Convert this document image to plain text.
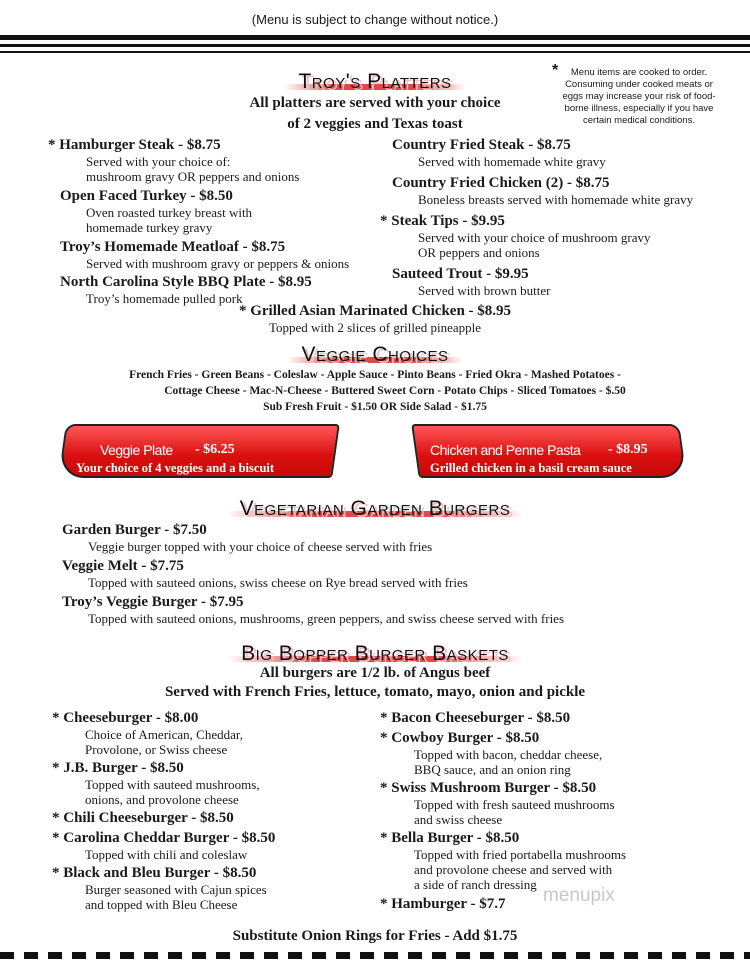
(Menu is subject to change without notice.)
Troy's Platters
All platters are served with your choice
of 2 veggies and Texas toast
* Menu items are cooked to order. Consuming under cooked meats or eggs may increase your risk of food-borne illness, especially if you have certain medical conditions.
* Hamburger Steak - $8.75
Served with your choice of:
mushroom gravy OR peppers and onions
Open Faced Turkey - $8.50
Oven roasted turkey breast with
homemade turkey gravy
Troy’s Homemade Meatloaf - $8.75
Served with mushroom gravy or peppers & onions
North Carolina Style BBQ Plate - $8.95
Troy’s homemade pulled pork
Country Fried Steak - $8.75
Served with homemade white gravy
Country Fried Chicken (2) - $8.75
Boneless breasts served with homemade white gravy
* Steak Tips - $9.95
Served with your choice of mushroom gravy
OR peppers and onions
Sauteed Trout - $9.95
Served with brown butter
* Grilled Asian Marinated Chicken - $8.95
Topped with 2 slices of grilled pineapple
Veggie Choices
French Fries - Green Beans - Coleslaw - Apple Sauce - Pinto Beans - Fried Okra - Mashed Potatoes -
Cottage Cheese - Mac-N-Cheese - Buttered Sweet Corn - Potato Chips - Sliced Tomatoes - $.50
Sub Fresh Fruit - $1.50 OR Side Salad - $1.75
Veggie Plate - $6.25
Your choice of 4 veggies and a biscuit
Chicken and Penne Pasta - $8.95
Grilled chicken in a basil cream sauce
Vegetarian Garden Burgers
Garden Burger - $7.50
Veggie burger topped with your choice of cheese served with fries
Veggie Melt - $7.75
Topped with sauteed onions, swiss cheese on Rye bread served with fries
Troy’s Veggie Burger - $7.95
Topped with sauteed onions, mushrooms, green peppers, and swiss cheese served with fries
Big Bopper Burger Baskets
All burgers are 1/2 lb. of Angus beef
Served with French Fries, lettuce, tomato, mayo, onion and pickle
* Cheeseburger - $8.00
Choice of American, Cheddar,
Provolone, or Swiss cheese
* J.B. Burger - $8.50
Topped with sauteed mushrooms,
onions, and provolone cheese
* Chili Cheeseburger - $8.50
* Carolina Cheddar Burger - $8.50
Topped with chili and coleslaw
* Black and Bleu Burger - $8.50
Burger seasoned with Cajun spices
and topped with Bleu Cheese
* Bacon Cheeseburger - $8.50
* Cowboy Burger - $8.50
Topped with bacon, cheddar cheese,
BBQ sauce, and an onion ring
* Swiss Mushroom Burger - $8.50
Topped with fresh sauteed mushrooms
and swiss cheese
* Bella Burger - $8.50
Topped with fried portabella mushrooms
and provolone cheese and served with
a side of ranch dressing
* Hamburger - $7.7
Substitute Onion Rings for Fries - Add $1.75
menupix
